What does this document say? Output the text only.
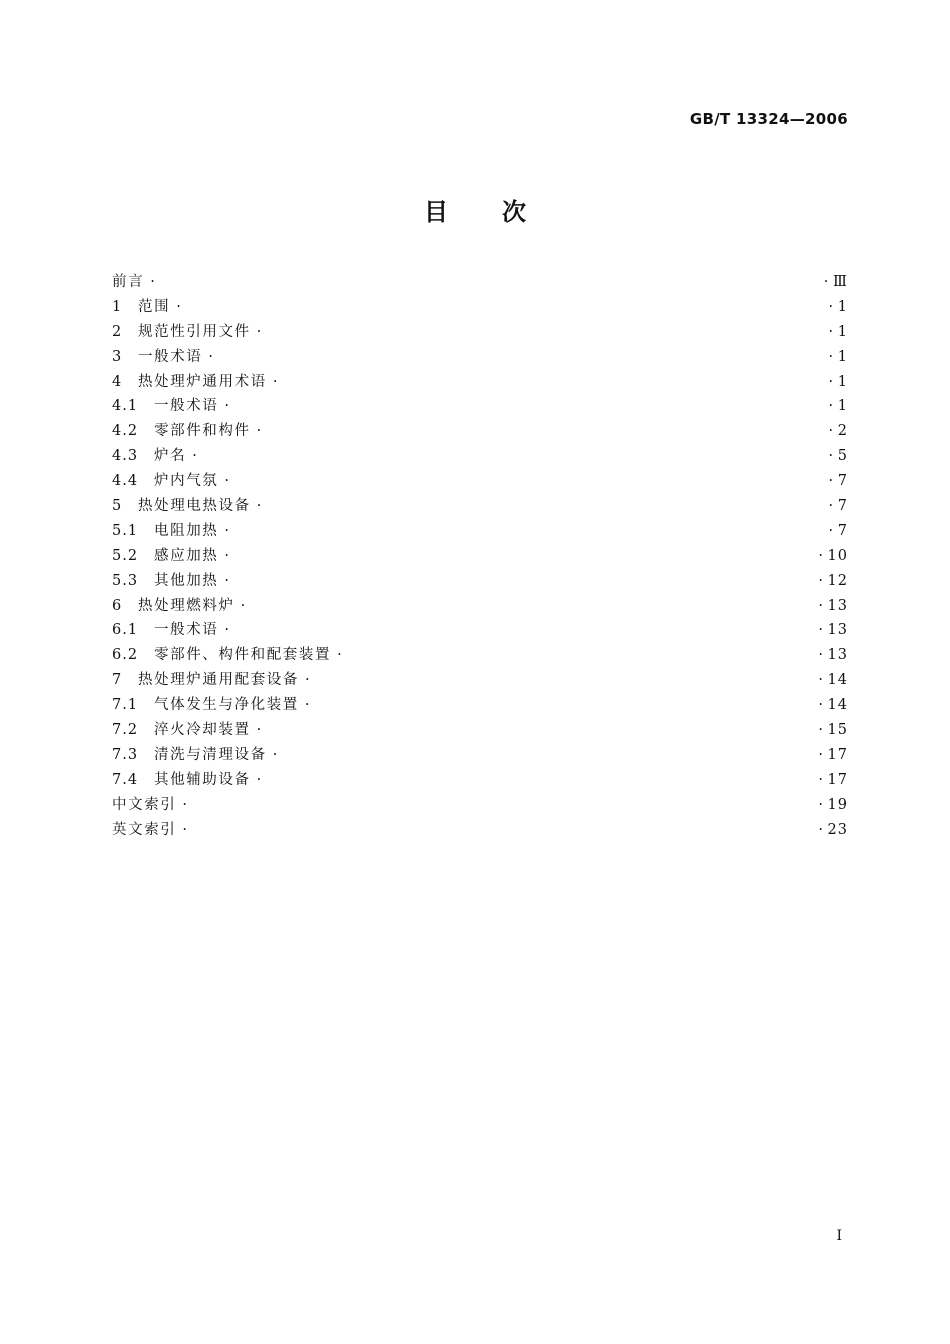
GB/T 13324—2006
目次
前言 ·	· Ⅲ
1	范围 ·	· 1
2	规范性引用文件 ·	· 1
3	一般术语 ·	· 1
4	热处理炉通用术语 ·	· 1
4.1	一般术语 ·	· 1
4.2	零部件和构件 ·	· 2
4.3	炉名 ·	· 5
4.4	炉内气氛 ·	· 7
5	热处理电热设备 ·	· 7
5.1	电阻加热 ·	· 7
5.2	感应加热 ·	· 10
5.3	其他加热 ·	· 12
6	热处理燃料炉 ·	· 13
6.1	一般术语 ·	· 13
6.2	零部件、构件和配套装置 ·	· 13
7	热处理炉通用配套设备 ·	· 14
7.1	气体发生与净化装置 ·	· 14
7.2	淬火冷却装置 ·	· 15
7.3	清洗与清理设备 ·	· 17
7.4	其他辅助设备 ·	· 17
中文索引 ·	· 19
英文索引 ·	· 23
I
